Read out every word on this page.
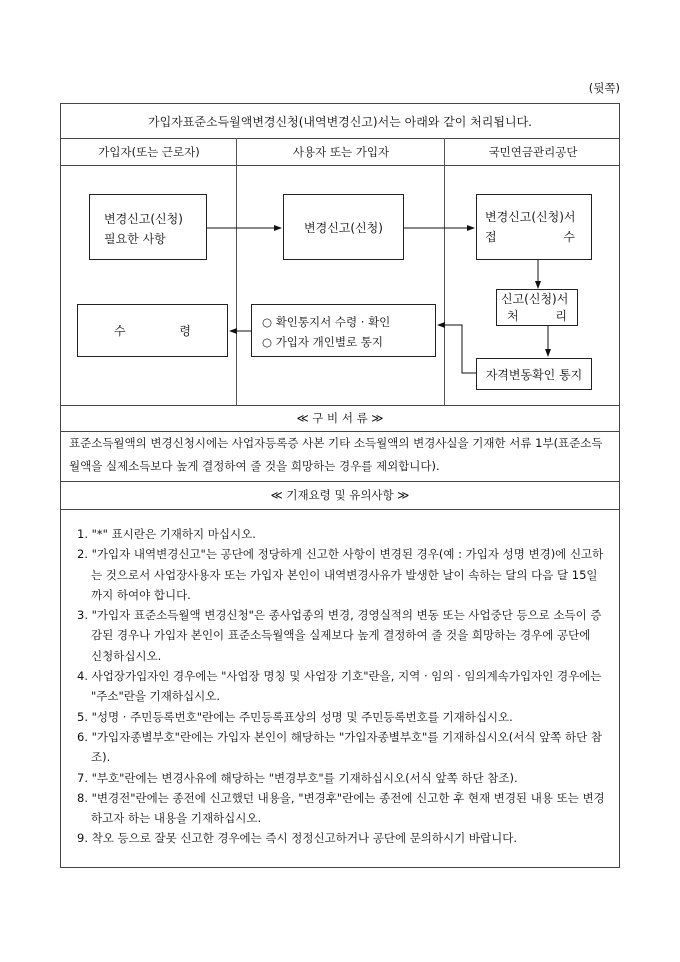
(뒷쪽)
가입자표준소득월액변경신청(내역변경신고)서는 아래와 같이 처리됩니다.
가입자(또는 근로자)	사용자 또는 가입자	국민연금관리공단
≪ 구 비 서 류 ≫
표준소득월액의 변경신청시에는 사업자등록증 사본 기타 소득월액의 변경사실을 기재한 서류 1부(표준소득월액을 실제소득보다 높게 결정하여 줄 것을 희망하는 경우를 제외합니다).
≪ 기재요령 및 유의사항 ≫
1. "*" 표시란은 기재하지 마십시오.
2. "가입자 내역변경신고"는 공단에 정당하게 신고한 사항이 변경된 경우(예 : 가입자 성명 변경)에 신고하는 것으로서 사업장사용자 또는 가입자 본인이 내역변경사유가 발생한 날이 속하는 달의 다음 달 15일까지 하여야 합니다.
3. "가입자 표준소득월액 변경신청"은 종사업종의 변경, 경영실적의 변동 또는 사업중단 등으로 소득이 증감된 경우나 가입자 본인이 표준소득월액을 실제보다 높게 결정하여 줄 것을 희망하는 경우에 공단에 신청하십시오.
4. 사업장가입자인 경우에는 "사업장 명칭 및 사업장 기호"란을, 지역 · 임의 · 임의계속가입자인 경우에는 "주소"란을 기재하십시오.
5. "성명 · 주민등록번호"란에는 주민등록표상의 성명 및 주민등록번호를 기재하십시오.
6. "가입자종별부호"란에는 가입자 본인이 해당하는 "가입자종별부호"를 기재하십시오(서식 앞쪽 하단 참조).
7. "부호"란에는 변경사유에 해당하는 "변경부호"를 기재하십시오(서식 앞쪽 하단 참조).
8. "변경전"란에는 종전에 신고했던 내용을, "변경후"란에는 종전에 신고한 후 현재 변경된 내용 또는 변경하고자 하는 내용을 기재하십시오.
9. 착오 등으로 잘못 신고한 경우에는 즉시 정정신고하거나 공단에 문의하시기 바랍니다.
변경신고(신청)
필요한 사항
변경신고(신청)
변경신고(신청)서
접	수
신고(신청)서
처	리
자격변동확인 통지
○ 확인통지서 수령 · 확인
○ 가입자 개인별로 통지
수	령
